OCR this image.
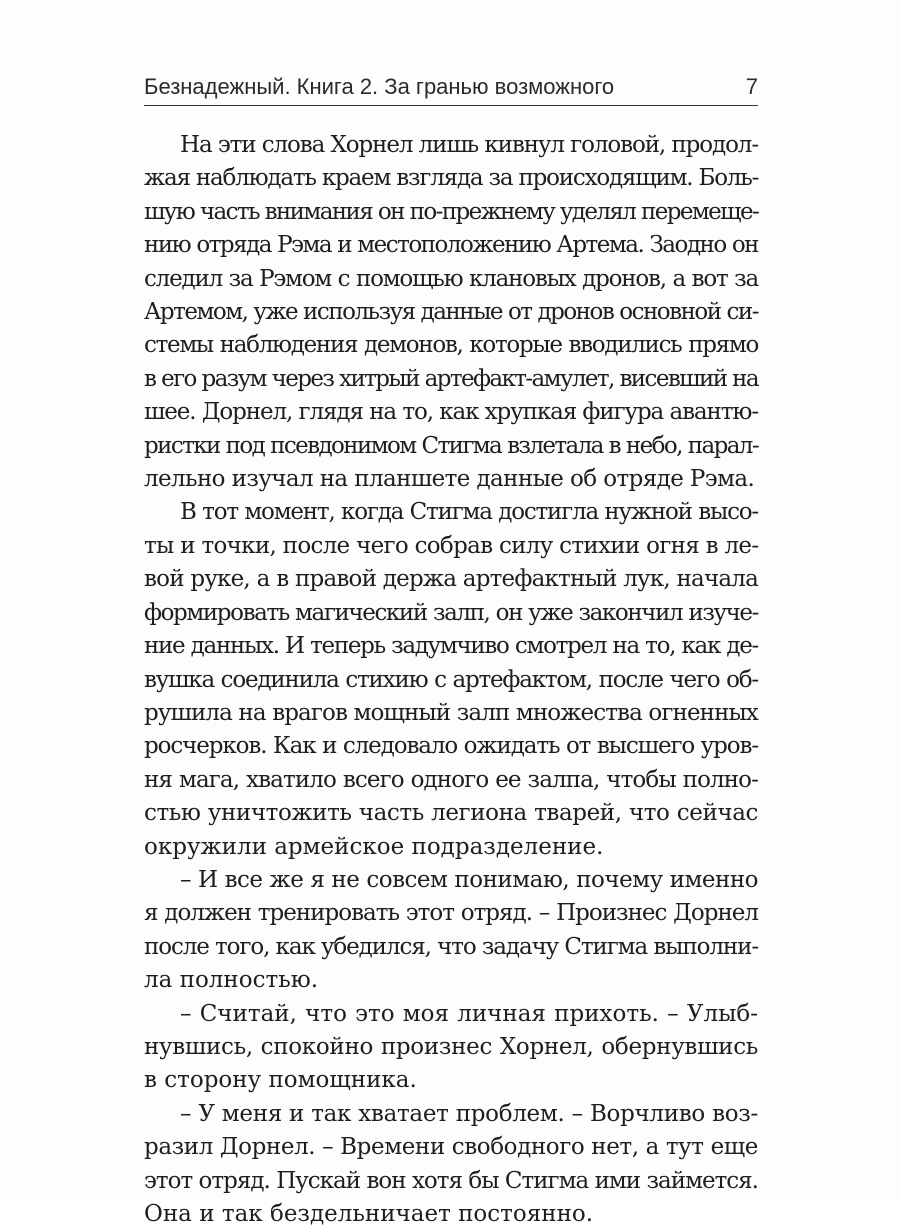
Безнадежный. Книга 2. За гранью возможного	7

На эти слова Хорнел лишь кивнул головой, продол-
жая наблюдать краем взгляда за происходящим. Боль-
шую часть внимания он по-прежнему уделял перемеще-
нию отряда Рэма и местоположению Артема. Заодно он
следил за Рэмом с помощью клановых дронов, а вот за
Артемом, уже используя данные от дронов основной си-
стемы наблюдения демонов, которые вводились прямо
в его разум через хитрый артефакт-амулет, висевший на
шее. Дорнел, глядя на то, как хрупкая фигура авантю-
ристки под псевдонимом Стигма взлетала в небо, парал-
лельно изучал на планшете данные об отряде Рэма.

В тот момент, когда Стигма достигла нужной высо-
ты и точки, после чего собрав силу стихии огня в ле-
вой руке, а в правой держа артефактный лук, начала
формировать магический залп, он уже закончил изуче-
ние данных. И теперь задумчиво смотрел на то, как де-
вушка соединила стихию с артефактом, после чего об-
рушила на врагов мощный залп множества огненных
росчерков. Как и следовало ожидать от высшего уров-
ня мага, хватило всего одного ее залпа, чтобы полно-
стью уничтожить часть легиона тварей, что сейчас
окружили армейское подразделение.

– И все же я не совсем понимаю, почему именно
я должен тренировать этот отряд. – Произнес Дорнел
после того, как убедился, что задачу Стигма выполни-
ла полностью.

– Считай, что это моя личная прихоть. – Улыб-
нувшись, спокойно произнес Хорнел, обернувшись
в сторону помощника.

– У меня и так хватает проблем. – Ворчливо воз-
разил Дорнел. – Времени свободного нет, а тут еще
этот отряд. Пускай вон хотя бы Стигма ими займется.
Она и так бездельничает постоянно.
